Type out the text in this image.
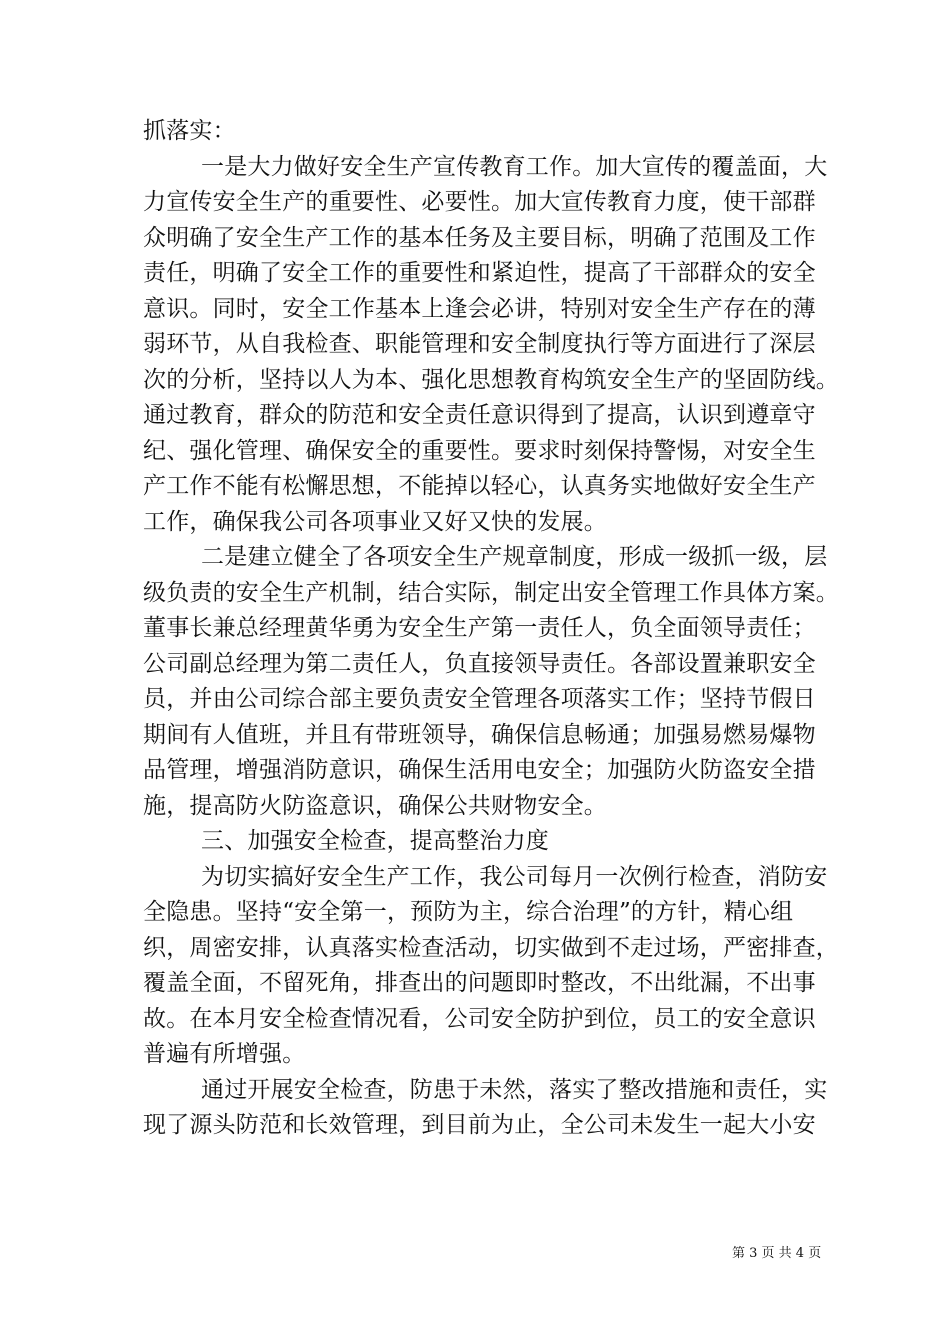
抓落实：
一是大力做好安全生产宣传教育工作。加大宣传的覆盖面，大
力宣传安全生产的重要性、必要性。加大宣传教育力度，使干部群
众明确了安全生产工作的基本任务及主要目标，明确了范围及工作
责任，明确了安全工作的重要性和紧迫性，提高了干部群众的安全
意识。同时，安全工作基本上逢会必讲，特别对安全生产存在的薄
弱环节，从自我检查、职能管理和安全制度执行等方面进行了深层
次的分析，坚持以人为本、强化思想教育构筑安全生产的坚固防线。
通过教育，群众的防范和安全责任意识得到了提高，认识到遵章守
纪、强化管理、确保安全的重要性。要求时刻保持警惕，对安全生
产工作不能有松懈思想，不能掉以轻心，认真务实地做好安全生产
工作，确保我公司各项事业又好又快的发展。
二是建立健全了各项安全生产规章制度，形成一级抓一级，层
级负责的安全生产机制，结合实际，制定出安全管理工作具体方案。
董事长兼总经理黄华勇为安全生产第一责任人，负全面领导责任；
公司副总经理为第二责任人，负直接领导责任。各部设置兼职安全
员，并由公司综合部主要负责安全管理各项落实工作；坚持节假日
期间有人值班，并且有带班领导，确保信息畅通；加强易燃易爆物
品管理，增强消防意识，确保生活用电安全；加强防火防盗安全措
施，提高防火防盗意识，确保公共财物安全。
三、加强安全检查，提高整治力度
为切实搞好安全生产工作，我公司每月一次例行检查，消防安
全隐患。坚持“安全第一，预防为主，综合治理”的方针，精心组
织，周密安排，认真落实检查活动，切实做到不走过场，严密排查，
覆盖全面，不留死角，排查出的问题即时整改，不出纰漏，不出事
故。在本月安全检查情况看，公司安全防护到位，员工的安全意识
普遍有所增强。
通过开展安全检查，防患于未然，落实了整改措施和责任，实
现了源头防范和长效管理，到目前为止，全公司未发生一起大小安
第 3 页 共 4 页
